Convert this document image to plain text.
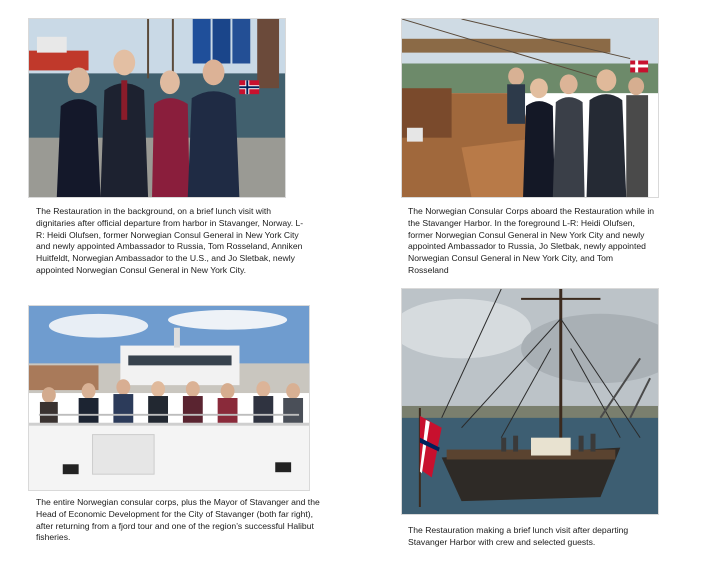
The Restauration in the background, on a brief lunch visit with dignitaries after official departure from harbor in Stavanger, Norway. L-R: Heidi Olufsen, former Norwegian Consul General in New York City and newly appointed Ambassador to Russia, Tom Rosseland, Anniken Huitfeldt, Norwegian Ambassador to the U.S., and Jo Sletbak, newly appointed Norwegian Consul General in New York City.

The Norwegian Consular Corps aboard the Restauration while in the Stavanger Harbor. In the foreground L-R: Heidi Olufsen, former Norwegian Consul General in New York City and newly appointed Ambassador to Russia, Jo Sletbak, newly appointed Norwegian Consul General in New York City, and Tom Rosseland

The entire Norwegian consular corps, plus the Mayor of Stavanger and the Head of Economic Development for the City of Stavanger (both far right), after returning from a fjord tour and one of the region’s successful Halibut fisheries.

The Restauration making a brief lunch visit after departing Stavanger Harbor with crew and selected guests.
